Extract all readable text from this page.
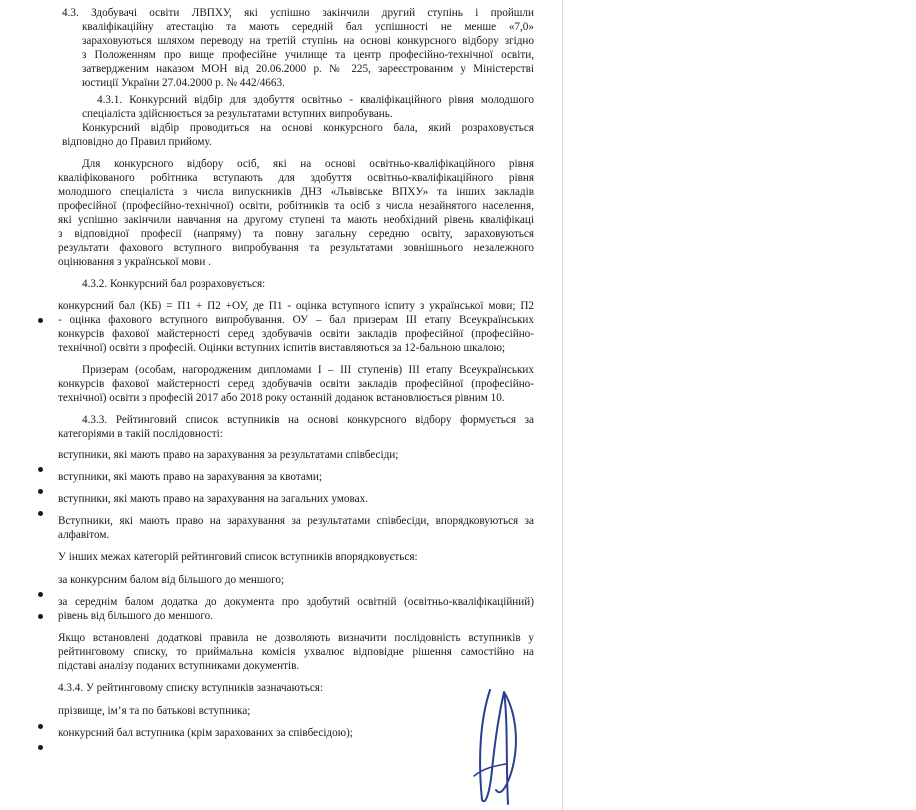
4.3. Здобувачі освіти ЛВПХУ, які успішно закінчили другий ступінь і пройшли
кваліфікаційну атестацію та мають середній бал успішності не менше «7,0»
зараховуються шляхом переводу на третій ступінь на основі конкурсного відбору згідно
з Положенням про вище професійне училище та центр професійно-технічної освіти,
затвердженим наказом МОН від 20.06.2000 р. № 225, зареєстрованим у Міністерстві
юстиції України 27.04.2000 р. № 442/4663.
4.3.1. Конкурсний відбір для здобуття освітньо - кваліфікаційного рівня молодшого
спеціаліста здійснюється за результатами вступних випробувань.
Конкурсний відбір проводиться на основі конкурсного бала, який розраховується
відповідно до Правил прийому.
Для конкурсного відбору осіб, які на основі освітньо-кваліфікаційного рівня
кваліфікованого робітника вступають для здобуття освітньо-кваліфікаційного рівня
молодшого спеціаліста з числа випускників ДНЗ «Львівське ВПХУ» та інших закладів
професійної (професійно-технічної) освіти, робітників та осіб з числа незайнятого населення,
які успішно закінчили навчання на другому ступені та мають необхідний рівень кваліфікаці
з відповідної професії (напряму) та повну загальну середню освіту, зараховуються
результати фахового вступного випробування та результатами зовнішнього незалежного
оцінювання з української мови .
4.3.2. Конкурсний бал розраховується:
конкурсний бал (КБ) = П1 + П2 +ОУ, де П1 - оцінка вступного іспиту з української мови; П2
- оцінка фахового вступного випробування. ОУ – бал призерам ІІІ етапу Всеукраїнських
конкурсів фахової майстерності серед здобувачів освіти закладів професійної (професійно-
технічної) освіти з професій. Оцінки вступних іспитів виставляються за 12-бальною шкалою;
Призерам (особам, нагородженим дипломами І – ІІІ ступенів) ІІІ етапу Всеукраїнських
конкурсів фахової майстерності серед здобувачів освіти закладів професійної (професійно-
технічної) освіти з професій 2017 або 2018 року останній доданок встановлюється рівним 10.
4.3.3. Рейтинговий список вступників на основі конкурсного відбору формується за
категоріями в такій послідовності:
вступники, які мають право на зарахування за результатами співбесіди;
вступники, які мають право на зарахування за квотами;
вступники, які мають право на зарахування на загальних умовах.
Вступники, які мають право на зарахування за результатами співбесіди, впорядковуються за
алфавітом.
У інших межах категорій рейтинговий список вступників впорядковується:
за конкурсним балом від більшого до меншого;
за середнім балом додатка до документа про здобутий освітній (освітньо-кваліфікаційний)
рівень від більшого до меншого.
Якщо встановлені додаткові правила не дозволяють визначити послідовність вступників у
рейтинговому списку, то приймальна комісія ухвалює відповідне рішення самостійно на
підставі аналізу поданих вступниками документів.
4.3.4. У рейтинговому списку вступників зазначаються:
прізвище, ім’я та по батькові вступника;
конкурсний бал вступника (крім зарахованих за співбесідою);
